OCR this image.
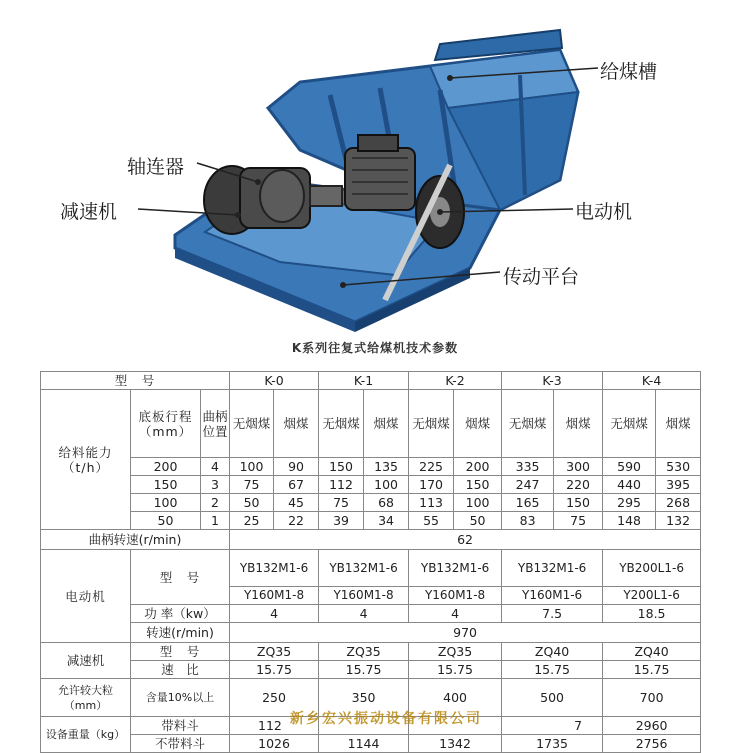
给煤槽
轴连器
减速机	电动机
传动平台
K系列往复式给煤机技术参数
型　号			K-0		K-1		K-2		K-3		K-4	
给料能力（t/h）	底板行程（mm）	曲柄位置	无烟煤	烟煤	无烟煤	烟煤	无烟煤	烟煤	无烟煤	烟煤	无烟煤	烟煤
	200	4	100	90	150	135	225	200	335	300	590	530
	150	3	75	67	112	100	170	150	247	220	440	395
	100	2	50	45	75	68	113	100	165	150	295	268
	50	1	25	22	39	34	55	50	83	75	148	132
曲柄转速(r/min)			62									
电动机	型　号		YB132M1-6		YB132M1-6		YB132M1-6		YB132M1-6		YB200L1-6	
			Y160M1-8		Y160M1-8		Y160M1-8		Y160M1-6		Y200L1-6	
	功 率（kw）		4		4		4		7.5		18.5	
	转速(r/min)		970									
减速机	型　号		ZQ35		ZQ35		ZQ35		ZQ40		ZQ40	
	速　比		15.75		15.75		15.75		15.75		15.75	
允许较大粒（mm）	含量10%以上		250		350		400		500		700	
设备重量（kg）	带料斗		112						7		2960	
	不带料斗		1026		1144		1342		1735		2756	
新乡宏兴振动设备有限公司
